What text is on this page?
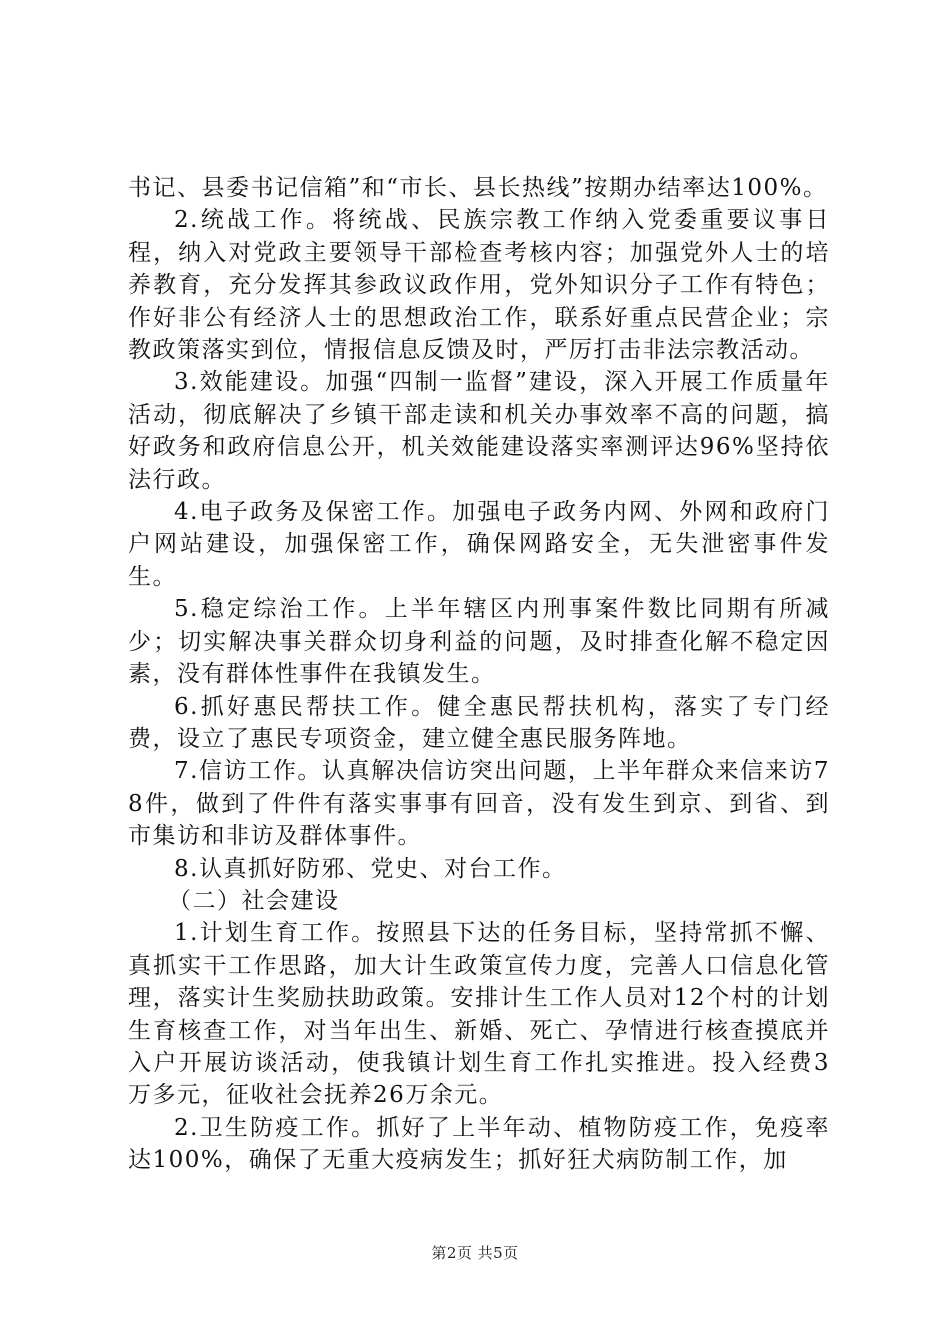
书记、县委书记信箱”和“市长、县长热线”按期办结率达100%。

2.统战工作。将统战、民族宗教工作纳入党委重要议事日程，纳入对党政主要领导干部检查考核内容；加强党外人士的培养教育，充分发挥其参政议政作用，党外知识分子工作有特色；作好非公有经济人士的思想政治工作，联系好重点民营企业；宗教政策落实到位，情报信息反馈及时，严厉打击非法宗教活动。

3.效能建设。加强“四制一监督”建设，深入开展工作质量年活动，彻底解决了乡镇干部走读和机关办事效率不高的问题，搞好政务和政府信息公开，机关效能建设落实率测评达96%坚持依法行政。

4.电子政务及保密工作。加强电子政务内网、外网和政府门户网站建设，加强保密工作，确保网路安全，无失泄密事件发生。

5.稳定综治工作。上半年辖区内刑事案件数比同期有所减少；切实解决事关群众切身利益的问题，及时排查化解不稳定因素，没有群体性事件在我镇发生。

6.抓好惠民帮扶工作。健全惠民帮扶机构，落实了专门经费，设立了惠民专项资金，建立健全惠民服务阵地。

7.信访工作。认真解决信访突出问题，上半年群众来信来访78件，做到了件件有落实事事有回音，没有发生到京、到省、到市集访和非访及群体事件。

8.认真抓好防邪、党史、对台工作。

（二）社会建设

1.计划生育工作。按照县下达的任务目标，坚持常抓不懈、真抓实干工作思路，加大计生政策宣传力度，完善人口信息化管理，落实计生奖励扶助政策。安排计生工作人员对12个村的计划生育核查工作，对当年出生、新婚、死亡、孕情进行核查摸底并入户开展访谈活动，使我镇计划生育工作扎实推进。投入经费3万多元，征收社会抚养26万余元。

2.卫生防疫工作。抓好了上半年动、植物防疫工作，免疫率达100%，确保了无重大疫病发生；抓好狂犬病防制工作，加

第2页 共5页
